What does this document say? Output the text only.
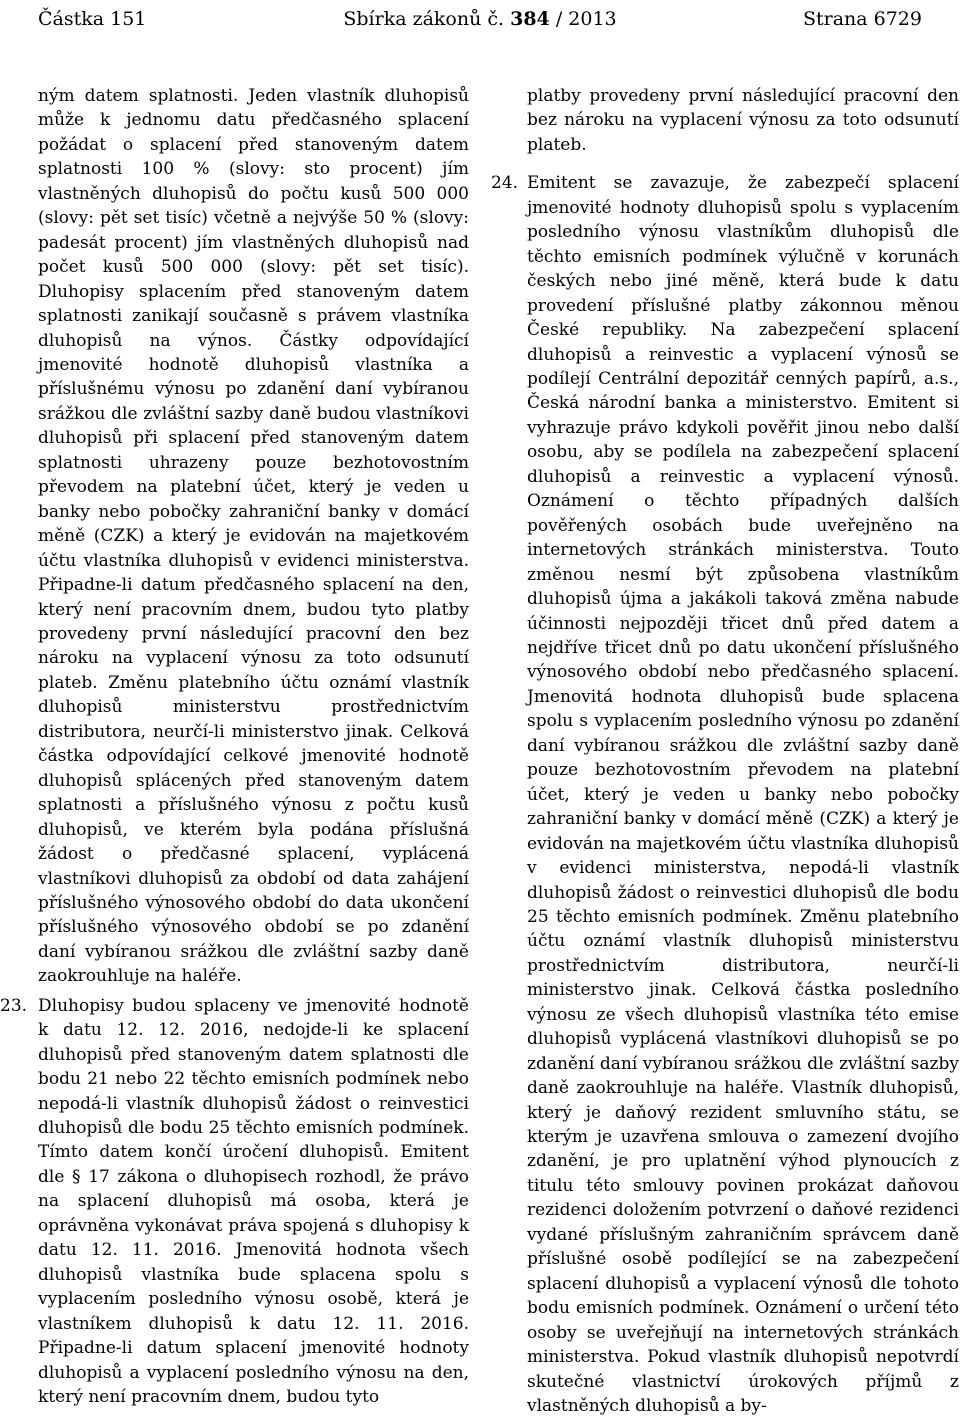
Částka 151	Sbírka zákonů č. 384 / 2013	Strana 6729

ným datem splatnosti. Jeden vlastník dluhopisů může k jednomu datu předčasného splacení požádat o splacení před stanoveným datem splatnosti 100 % (slovy: sto procent) jím vlastněných dluhopisů do počtu kusů 500 000 (slovy: pět set tisíc) včetně a nejvýše 50 % (slovy: padesát procent) jím vlastněných dluhopisů nad počet kusů 500 000 (slovy: pět set tisíc). Dluhopisy splacením před stanoveným datem splatnosti zanikají současně s právem vlastníka dluhopisů na výnos. Částky odpovídající jmenovité hodnotě dluhopisů vlastníka a příslušnému výnosu po zdanění daní vybíranou srážkou dle zvláštní sazby daně budou vlastníkovi dluhopisů při splacení před stanoveným datem splatnosti uhrazeny pouze bezhotovostním převodem na platební účet, který je veden u banky nebo pobočky zahraniční banky v domácí měně (CZK) a který je evidován na majetkovém účtu vlastníka dluhopisů v evidenci ministerstva. Připadne-li datum předčasného splacení na den, který není pracovním dnem, budou tyto platby provedeny první následující pracovní den bez nároku na vyplacení výnosu za toto odsunutí plateb. Změnu platebního účtu oznámí vlastník dluhopisů ministerstvu prostřednictvím distributora, neurčí-li ministerstvo jinak. Celková částka odpovídající celkové jmenovité hodnotě dluhopisů splácených před stanoveným datem splatnosti a příslušného výnosu z počtu kusů dluhopisů, ve kterém byla podána příslušná žádost o předčasné splacení, vyplácená vlastníkovi dluhopisů za období od data zahájení příslušného výnosového období do data ukončení příslušného výnosového období se po zdanění daní vybíranou srážkou dle zvláštní sazby daně zaokrouhluje na haléře.

23. Dluhopisy budou splaceny ve jmenovité hodnotě k datu 12. 12. 2016, nedojde-li ke splacení dluhopisů před stanoveným datem splatnosti dle bodu 21 nebo 22 těchto emisních podmínek nebo nepodá-li vlastník dluhopisů žádost o reinvestici dluhopisů dle bodu 25 těchto emisních podmínek. Tímto datem končí úročení dluhopisů. Emitent dle § 17 zákona o dluhopisech rozhodl, že právo na splacení dluhopisů má osoba, která je oprávněna vykonávat práva spojená s dluhopisy k datu 12. 11. 2016. Jmenovitá hodnota všech dluhopisů vlastníka bude splacena spolu s vyplacením posledního výnosu osobě, která je vlastníkem dluhopisů k datu 12. 11. 2016. Připadne-li datum splacení jmenovité hodnoty dluhopisů a vyplacení posledního výnosu na den, který není pracovním dnem, budou tyto

platby provedeny první následující pracovní den bez nároku na vyplacení výnosu za toto odsunutí plateb.

24. Emitent se zavazuje, že zabezpečí splacení jmenovité hodnoty dluhopisů spolu s vyplacením posledního výnosu vlastníkům dluhopisů dle těchto emisních podmínek výlučně v korunách českých nebo jiné měně, která bude k datu provedení příslušné platby zákonnou měnou České republiky. Na zabezpečení splacení dluhopisů a reinvestic a vyplacení výnosů se podílejí Centrální depozitář cenných papírů, a.s., Česká národní banka a ministerstvo. Emitent si vyhrazuje právo kdykoli pověřit jinou nebo další osobu, aby se podílela na zabezpečení splacení dluhopisů a reinvestic a vyplacení výnosů. Oznámení o těchto případných dalších pověřených osobách bude uveřejněno na internetových stránkách ministerstva. Touto změnou nesmí být způsobena vlastníkům dluhopisů újma a jakákoli taková změna nabude účinnosti nejpozději třicet dnů před datem a nejdříve třicet dnů po datu ukončení příslušného výnosového období nebo předčasného splacení. Jmenovitá hodnota dluhopisů bude splacena spolu s vyplacením posledního výnosu po zdanění daní vybíranou srážkou dle zvláštní sazby daně pouze bezhotovostním převodem na platební účet, který je veden u banky nebo pobočky zahraniční banky v domácí měně (CZK) a který je evidován na majetkovém účtu vlastníka dluhopisů v evidenci ministerstva, nepodá-li vlastník dluhopisů žádost o reinvestici dluhopisů dle bodu 25 těchto emisních podmínek. Změnu platebního účtu oznámí vlastník dluhopisů ministerstvu prostřednictvím distributora, neurčí-li ministerstvo jinak. Celková částka posledního výnosu ze všech dluhopisů vlastníka této emise dluhopisů vyplácená vlastníkovi dluhopisů se po zdanění daní vybíranou srážkou dle zvláštní sazby daně zaokrouhluje na haléře. Vlastník dluhopisů, který je daňový rezident smluvního státu, se kterým je uzavřena smlouva o zamezení dvojího zdanění, je pro uplatnění výhod plynoucích z titulu této smlouvy povinen prokázat daňovou rezidenci doložením potvrzení o daňové rezidenci vydané příslušným zahraničním správcem daně příslušné osobě podílející se na zabezpečení splacení dluhopisů a vyplacení výnosů dle tohoto bodu emisních podmínek. Oznámení o určení této osoby se uveřejňují na internetových stránkách ministerstva. Pokud vlastník dluhopisů nepotvrdí skutečné vlastnictví úrokových příjmů z vlastněných dluhopisů a by-
